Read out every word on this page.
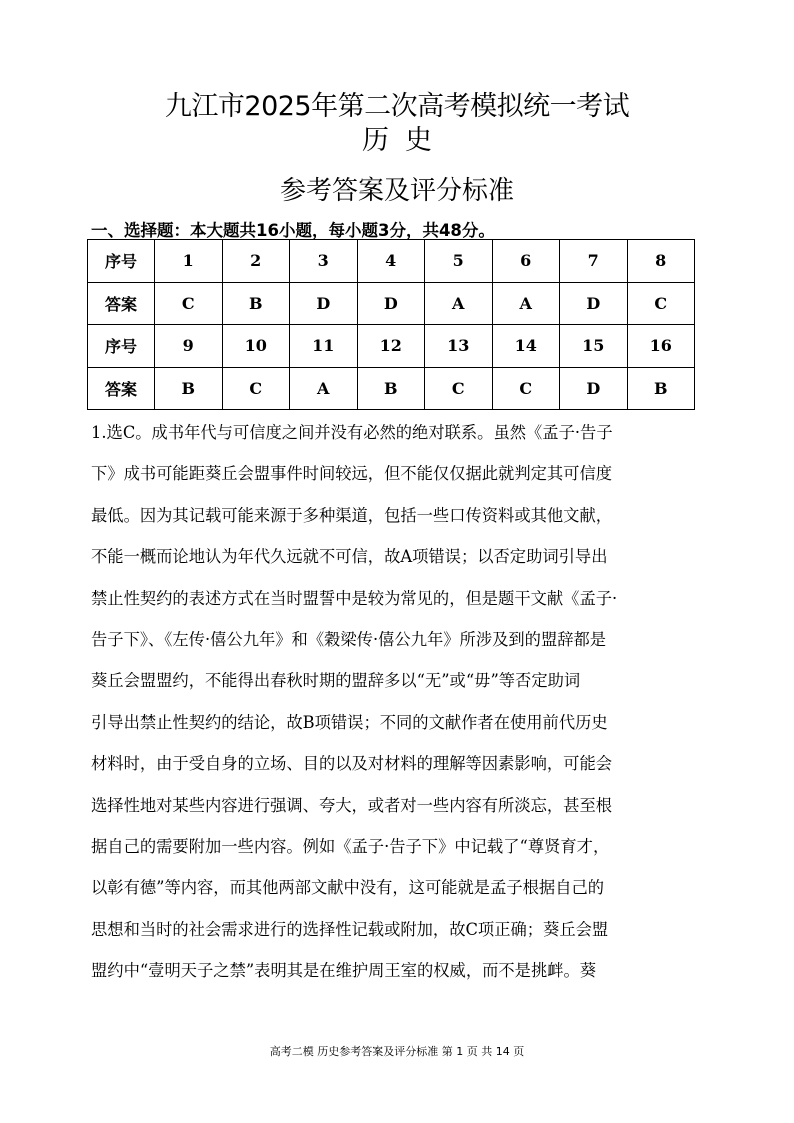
九江市2025年第二次高考模拟统一考试
历 史
参考答案及评分标准
一、选择题：本大题共16小题，每小题3分，共48分。
序号	1	2	3	4	5	6	7	8
答案	C	B	D	D	A	A	D	C
序号	9	10	11	12	13	14	15	16
答案	B	C	A	B	C	C	D	B
1.选C。成书年代与可信度之间并没有必然的绝对联系。虽然《孟子·告子
下》成书可能距葵丘会盟事件时间较远，但不能仅仅据此就判定其可信度
最低。因为其记载可能来源于多种渠道，包括一些口传资料或其他文献，
不能一概而论地认为年代久远就不可信，故A项错误；以否定助词引导出
禁止性契约的表述方式在当时盟誓中是较为常见的，但是题干文献《孟子·
告子下》、《左传·僖公九年》和《穀梁传·僖公九年》所涉及到的盟辞都是
葵丘会盟盟约，不能得出春秋时期的盟辞多以“无”或“毋”等否定助词
引导出禁止性契约的结论，故B项错误；不同的文献作者在使用前代历史
材料时，由于受自身的立场、目的以及对材料的理解等因素影响，可能会
选择性地对某些内容进行强调、夸大，或者对一些内容有所淡忘，甚至根
据自己的需要附加一些内容。例如《孟子·告子下》中记载了“尊贤育才，
以彰有德”等内容，而其他两部文献中没有，这可能就是孟子根据自己的
思想和当时的社会需求进行的选择性记载或附加，故C项正确；葵丘会盟
盟约中“壹明天子之禁”表明其是在维护周王室的权威，而不是挑衅。葵
高考二模 历史参考答案及评分标准 第 1 页 共 14 页
